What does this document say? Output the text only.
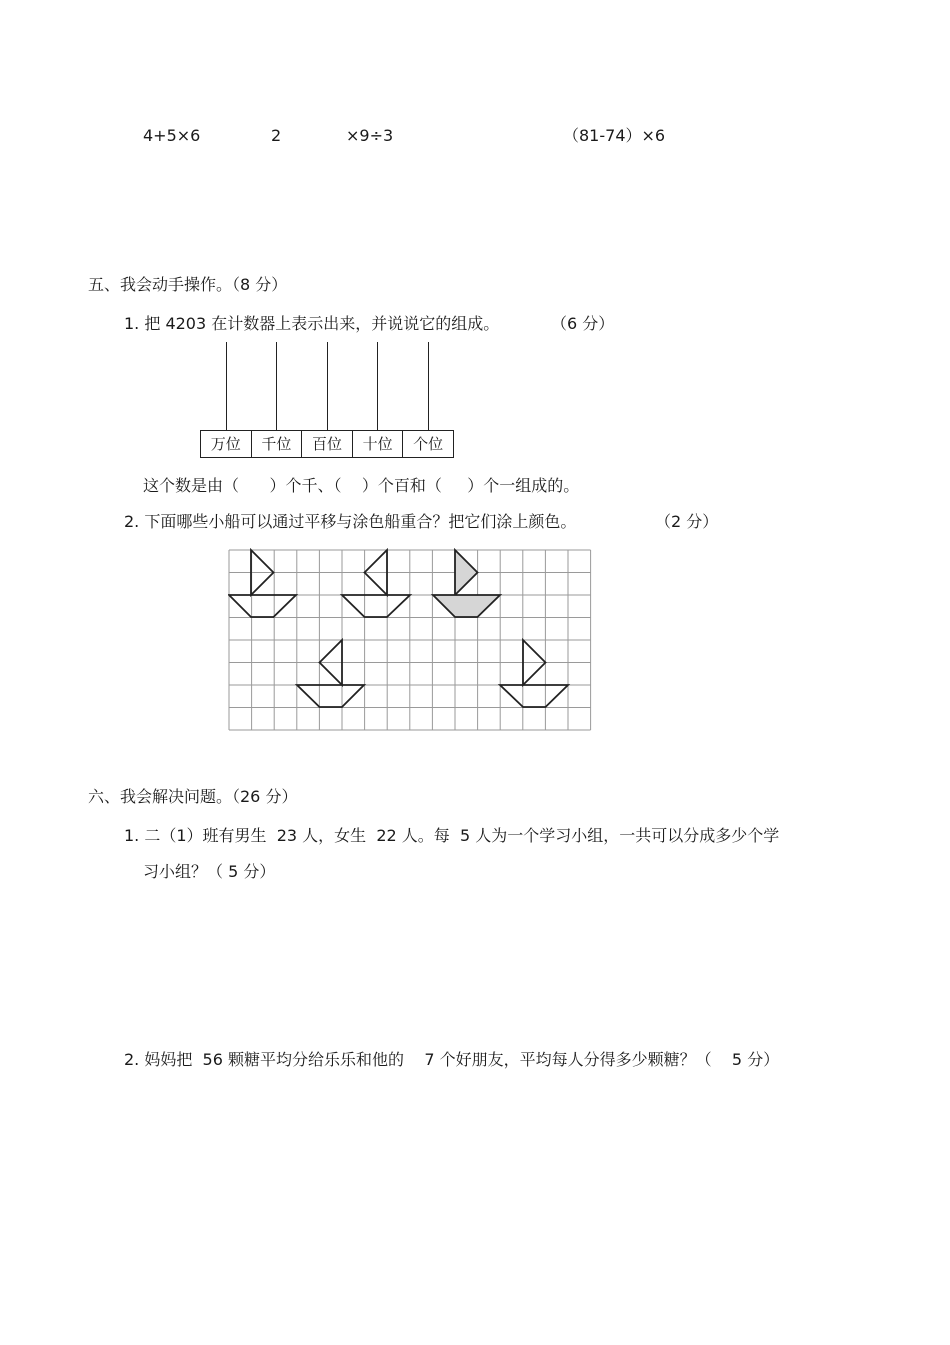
4+5×6	2	×9÷3	（81-74）×6
五、我会动手操作。（8 分）
1. 把 4203 在计数器上表示出来，并说说它的组成。	（6 分）
万位	千位	百位	十位	个位
这个数是由（      ）个千、（    ）个百和（     ）个一组成的。
2. 下面哪些小船可以通过平移与涂色船重合？把它们涂上颜色。	（2 分）
六、我会解决问题。（26 分）
1. 二（1）班有男生  23 人，女生  22 人。每  5 人为一个学习小组，一共可以分成多少个学
习小组？（ 5 分）
2. 妈妈把  56 颗糖平均分给乐乐和他的    7 个好朋友，平均每人分得多少颗糖？（    5 分）
